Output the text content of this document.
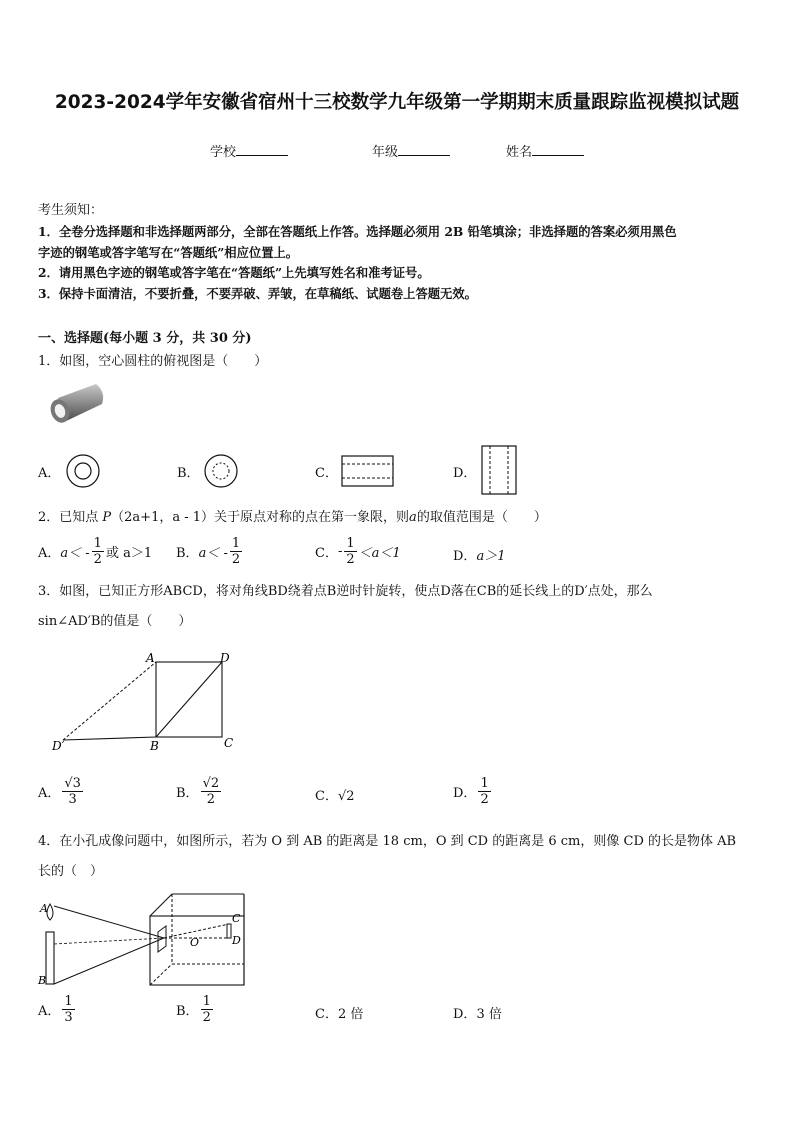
2023-2024学年安徽省宿州十三校数学九年级第一学期期末质量跟踪监视模拟试题
学校	年级	姓名
考生须知：
1．全卷分选择题和非选择题两部分，全部在答题纸上作答。选择题必须用 2B 铅笔填涂；非选择题的答案必须用黑色
字迹的钢笔或答字笔写在“答题纸”相应位置上。
2．请用黑色字迹的钢笔或答字笔在“答题纸”上先填写姓名和准考证号。
3．保持卡面清洁，不要折叠，不要弄破、弄皱，在草稿纸、试题卷上答题无效。
一、选择题(每小题 3 分，共 30 分)
1．如图，空心圆柱的俯视图是（　　）
A．	B．	C．	D．
2．已知点 P（2a+1，a - 1）关于原点对称的点在第一象限，则a的取值范围是（　　）
A． $a< - \frac{1}{2}$ 或 a＞1 B． $a< - \frac{1}{2}$	C． - $\frac{1}{2} <a<1$	D．a＞1
3．如图，已知正方形ABCD，将对角线BD绕着点B逆时针旋转，使点D落在CB的延长线上的D′点处，那么
sin∠AD′B的值是（　　）
A	D
B	C
D′
A． $\frac{√3}{3}$	B． $\frac{√2}{2}$	C．√2	D． $\frac{1}{2}$
4．在小孔成像问题中，如图所示，若为 O 到 AB 的距离是 18 cm，O 到 CD 的距离是 6 cm，则像 CD 的长是物体 AB
长的（　）
A
B
O
C
D
A． $\frac{1}{3}$	B． $\frac{1}{2}$	C．2 倍	D．3 倍
